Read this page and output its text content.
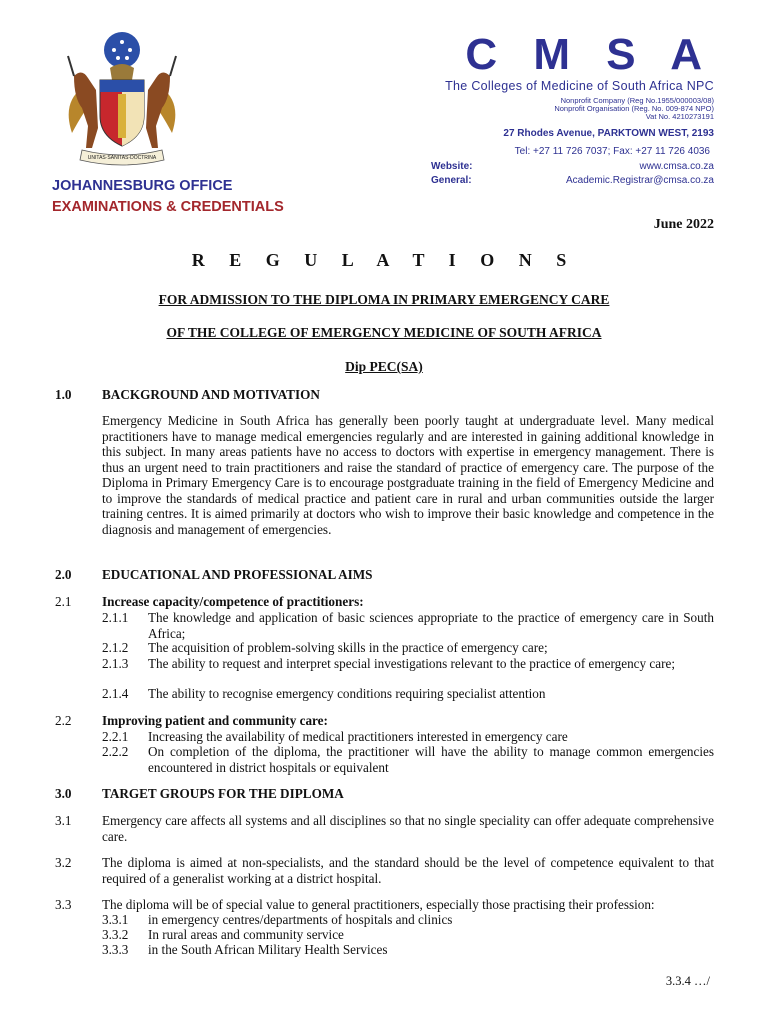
UNITAS·SANITAS·DOCTRINA
C M S A
The Colleges of Medicine of South Africa NPC
Nonprofit Company (Reg No.1955/000003/08)
Nonprofit Organisation (Reg. No. 009-874 NPO)
Vat No. 4210273191
27 Rhodes Avenue, PARKTOWN WEST, 2193
Tel: +27 11 726 7037; Fax: +27 11 726 4036
Website:	www.cmsa.co.za
General:	Academic.Registrar@cmsa.co.za
JOHANNESBURG OFFICE
EXAMINATIONS & CREDENTIALS
June 2022
R E G U L A T I O N S
FOR ADMISSION TO THE DIPLOMA IN PRIMARY EMERGENCY CARE
OF THE COLLEGE OF EMERGENCY MEDICINE OF SOUTH AFRICA
Dip PEC(SA)
1.0 BACKGROUND AND MOTIVATION
Emergency Medicine in South Africa has generally been poorly taught at undergraduate level. Many medical practitioners have to manage medical emergencies regularly and are interested in gaining additional knowledge in this subject. In many areas patients have no access to doctors with expertise in emergency management. There is thus an urgent need to train practitioners and raise the standard of practice of emergency care. The purpose of the Diploma in Primary Emergency Care is to encourage postgraduate training in the field of Emergency Medicine and to improve the standards of medical practice and patient care in rural and urban communities outside the larger training centres. It is aimed primarily at doctors who wish to improve their basic knowledge and competence in the diagnosis and management of emergencies.
2.0 EDUCATIONAL AND PROFESSIONAL AIMS
2.1 Increase capacity/competence of practitioners:
2.1.1 The knowledge and application of basic sciences appropriate to the practice of emergency care in South Africa;
2.1.2 The acquisition of problem-solving skills in the practice of emergency care;
2.1.3 The ability to request and interpret special investigations relevant to the practice of emergency care;
2.1.4 The ability to recognise emergency conditions requiring specialist attention
2.2 Improving patient and community care:
2.2.1 Increasing the availability of medical practitioners interested in emergency care
2.2.2 On completion of the diploma, the practitioner will have the ability to manage common emergencies encountered in district hospitals or equivalent
3.0 TARGET GROUPS FOR THE DIPLOMA
3.1 Emergency care affects all systems and all disciplines so that no single speciality can offer adequate comprehensive care.
3.2 The diploma is aimed at non-specialists, and the standard should be the level of competence equivalent to that required of a generalist working at a district hospital.
3.3 The diploma will be of special value to general practitioners, especially those practising their profession:
3.3.1 in emergency centres/departments of hospitals and clinics
3.3.2 In rural areas and community service
3.3.3 in the South African Military Health Services
3.3.4 …/
